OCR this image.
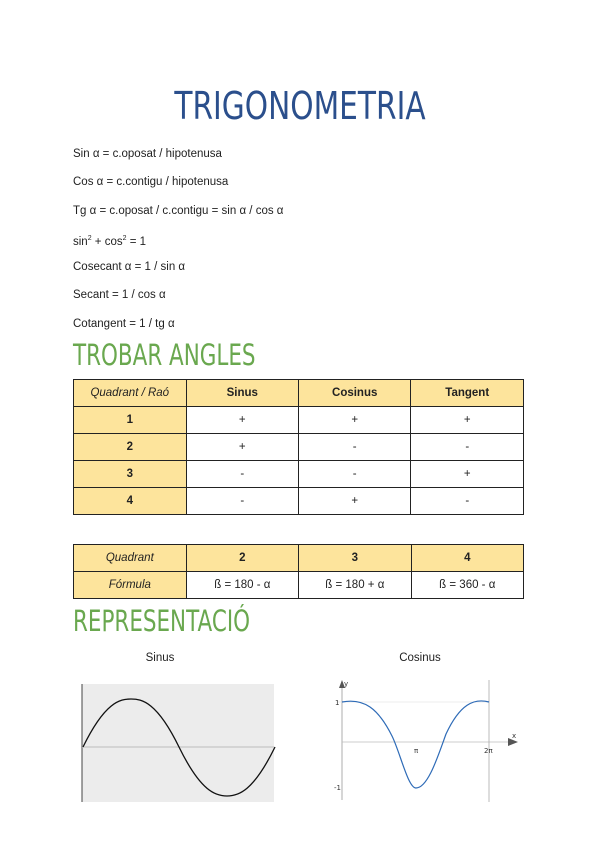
TRIGONOMETRIA
Sin α = c.oposat / hipotenusa
Cos α = c.contigu / hipotenusa
Tg α = c.oposat / c.contigu = sin α / cos α
$\sin^2 + \cos^2 = 1$
Cosecant α = 1 / sin α
Secant = 1 / cos α
Cotangent = 1 / tg α
TROBAR ANGLES
Quadrant / Raó	Sinus	Cosinus	Tangent
1	+	+	+
2	+	-	-
3	-	-	+
4	-	+	-
Quadrant	2	3	4
Fórmula	ß = 180 - α	ß = 180 + α	ß = 360 - α
REPRESENTACIÓ
Sinus	Cosinus
y
x
1
-1
π	2π
